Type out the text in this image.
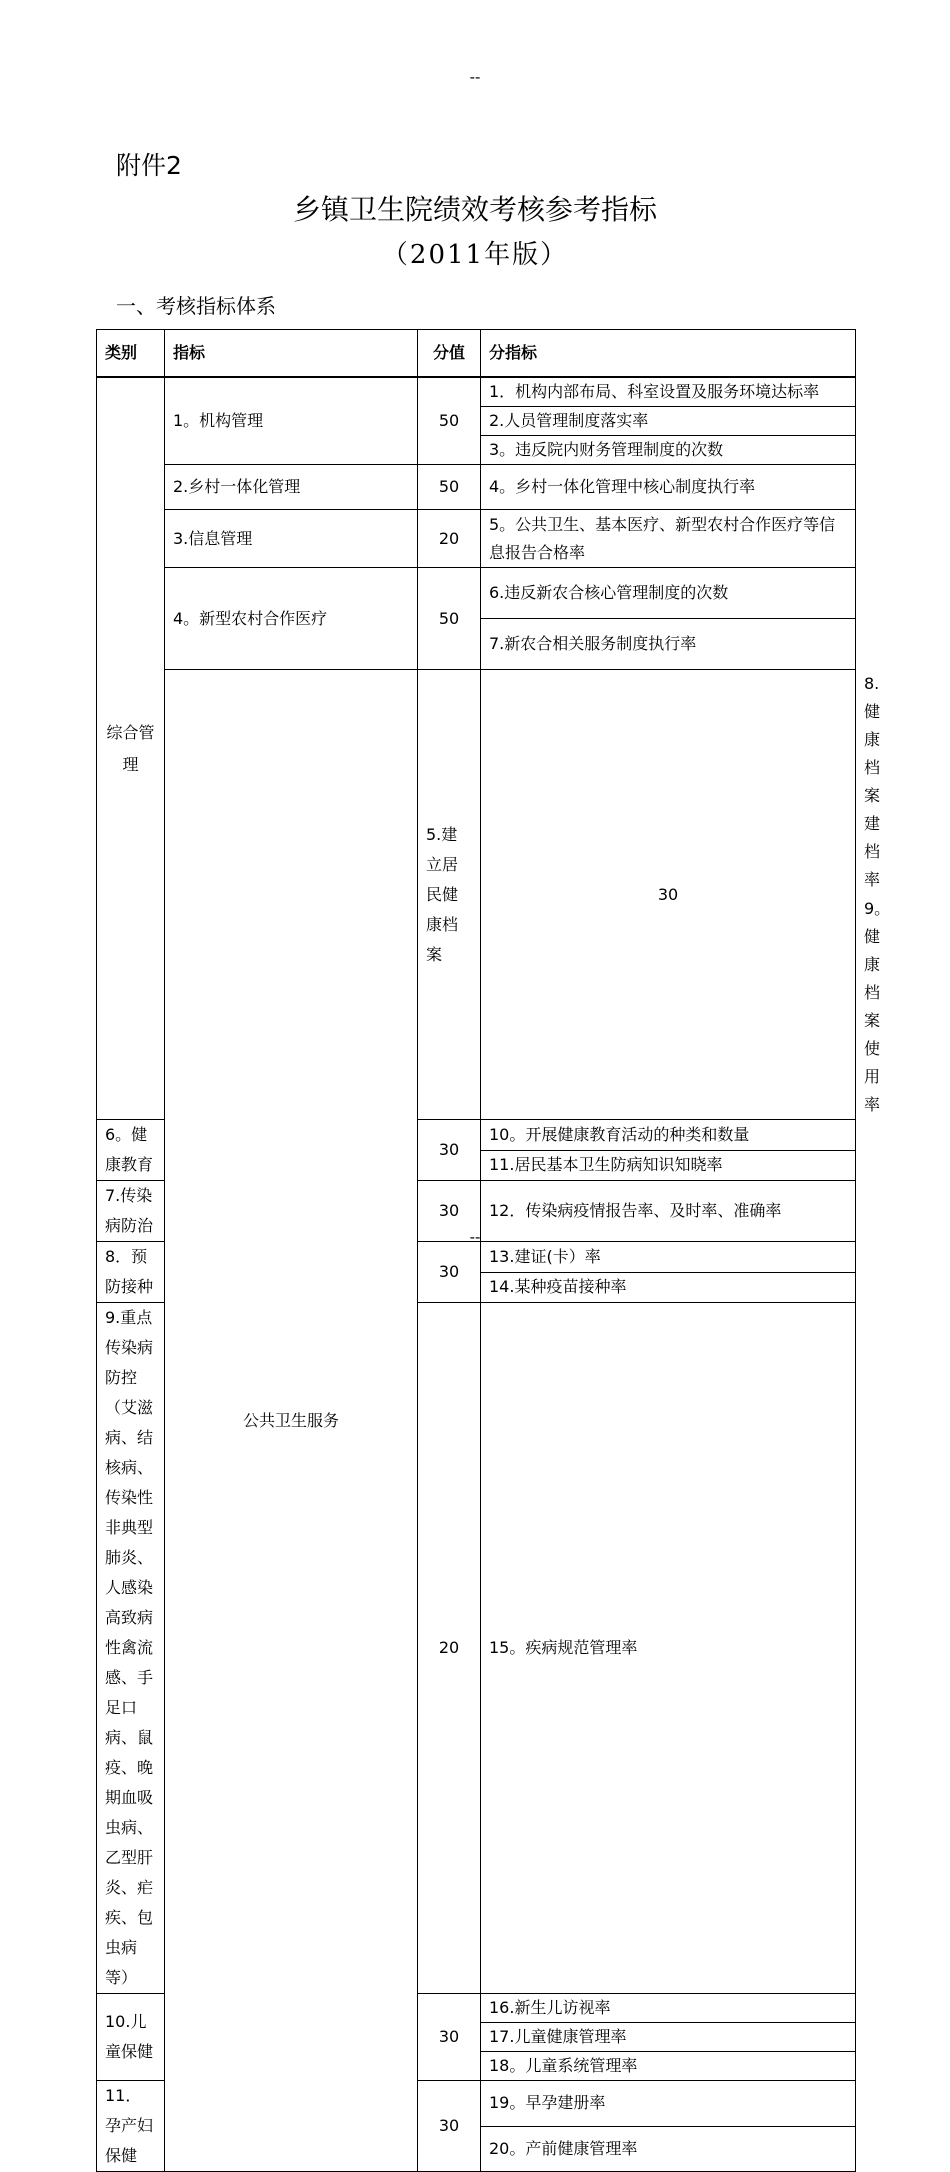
--
附件2
乡镇卫生院绩效考核参考指标
（2011年版）
一、考核指标体系
类别	指标	分值	分指标	
综合管理	1。机构管理	50	1．机构内部布局、科室设置及服务环境达标率	
			2.人员管理制度落实率	
			3。违反院内财务管理制度的次数	
	2.乡村一体化管理	50	4。乡村一体化管理中核心制度执行率	
	3.信息管理	20	5。公共卫生、基本医疗、新型农村合作医疗等信息报告合格率	
	4。新型农村合作医疗	50	6.违反新农合核心管理制度的次数	
			7.新农合相关服务制度执行率	
	公共卫生服务	5.建立居民健康档案	30	8.健康档案建档率
				9。健康档案使用率
6。健康教育		30	10。开展健康教育活动的种类和数量	
			11.居民基本卫生防病知识知晓率	
7.传染病防治		30	12．传染病疫情报告率、及时率、准确率	
8．预防接种		30	13.建证(卡）率	
			14.某种疫苗接种率	
9.重点传染病防控（艾滋病、结核病、传染性非典型肺炎、人感染高致病性禽流感、手足口病、鼠疫、晚期血吸虫病、乙型肝炎、疟疾、包虫病等）		20	15。疾病规范管理率	
10.儿童保健		30	16.新生儿访视率	
			17.儿童健康管理率	
			18。儿童系统管理率	
11．孕产妇保健		30	19。早孕建册率	
			20。产前健康管理率	
--
